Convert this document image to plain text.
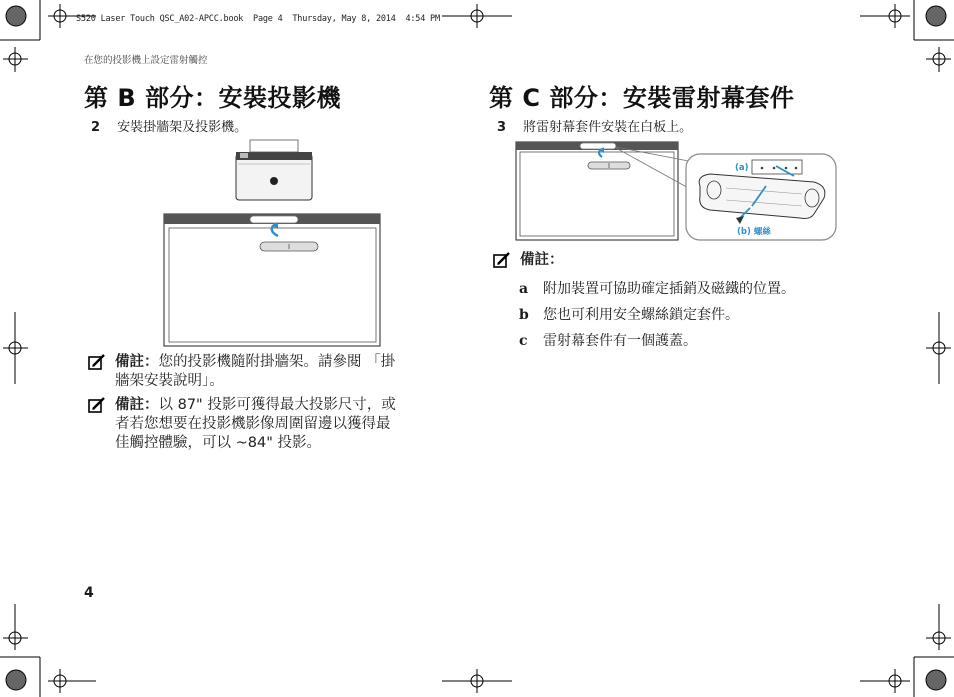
S520 Laser Touch QSC_A02-APCC.book  Page 4  Thursday, May 8, 2014  4:54 PM
在您的投影機上設定雷射觸控
第 B 部分：安裝投影機
2 安裝掛牆架及投影機。
備註：您的投影機隨附掛牆架。請參閱 「掛
牆架安裝說明」。
備註：以 87" 投影可獲得最大投影尺寸，或
者若您想要在投影機影像周圍留邊以獲得最
佳觸控體驗，可以 ~84" 投影。
第 C 部分：安裝雷射幕套件
3 將雷射幕套件安裝在白板上。
(a)
(b) 螺絲
備註：
a 附加裝置可協助確定插銷及磁鐵的位置。
b 您也可利用安全螺絲鎖定套件。
c 雷射幕套件有一個護蓋。
4
